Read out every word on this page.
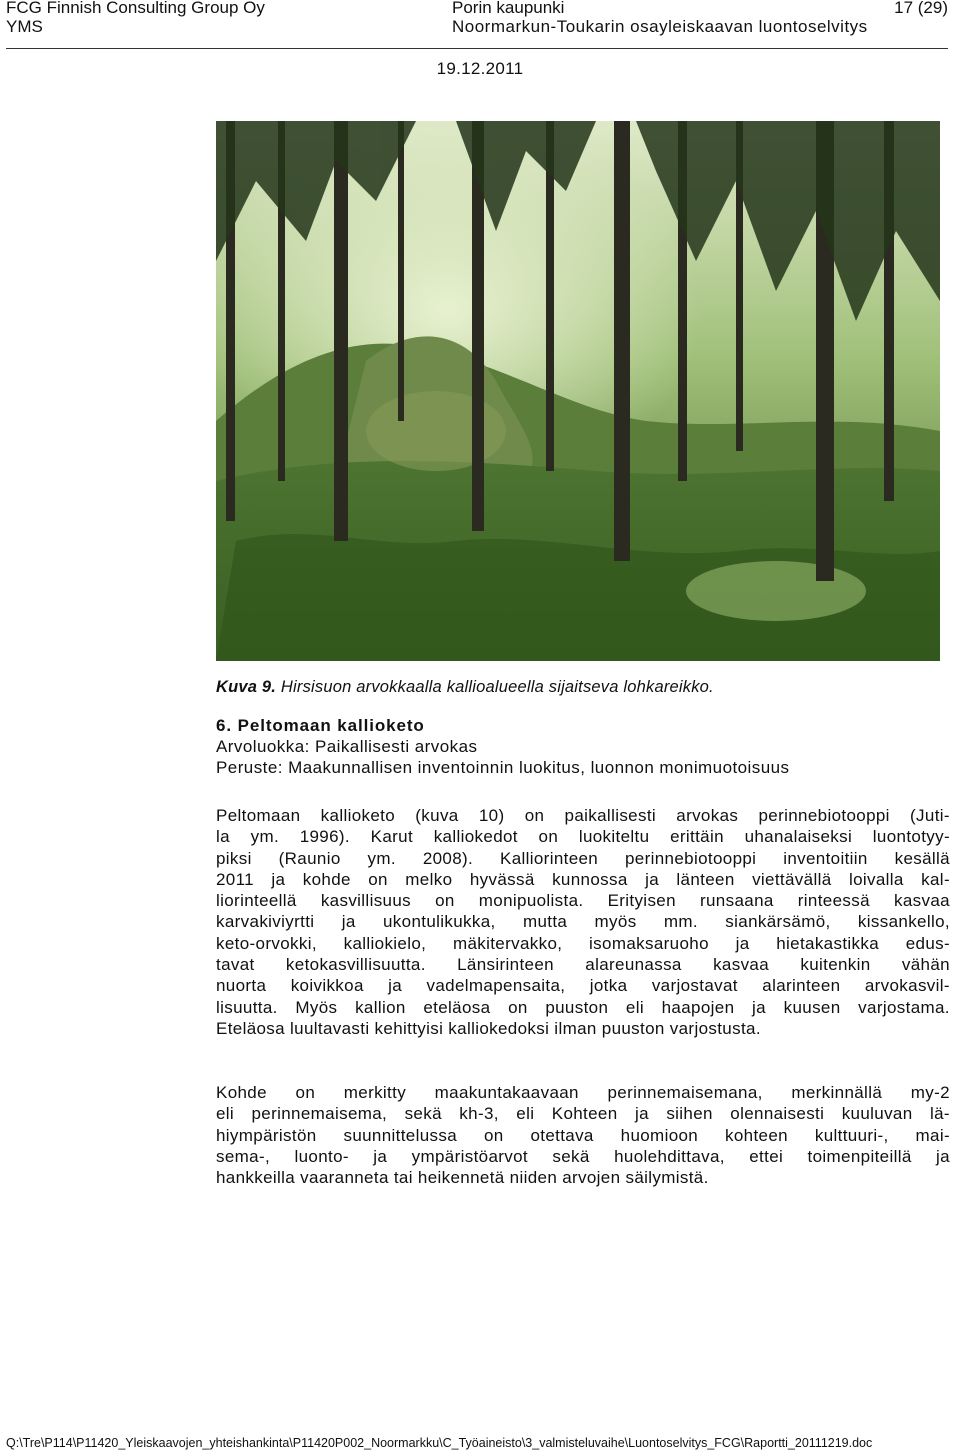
FCG Finnish Consulting Group Oy
YMS
Porin kaupunki
Noormarkun-Toukarin osayleiskaavan luontoselvitys
17 (29)
19.12.2011
Kuva 9. Hirsisuon arvokkaalla kallioalueella sijaitseva lohkareikko.
6. Peltomaan kallioketo
Arvoluokka: Paikallisesti arvokas
Peruste: Maakunnallisen inventoinnin luokitus, luonnon monimuotoisuus
Peltomaan kallioketo (kuva 10) on paikallisesti arvokas perinnebiotooppi (Juti-
la ym. 1996). Karut kalliokedot on luokiteltu erittäin uhanalaiseksi luontotyy-
piksi (Raunio ym. 2008). Kalliorinteen perinnebiotooppi inventoitiin kesällä
2011 ja kohde on melko hyvässä kunnossa ja länteen viettävällä loivalla kal-
liorinteellä kasvillisuus on monipuolista. Erityisen runsaana rinteessä kasvaa
karvakiviyrtti ja ukontulikukka, mutta myös mm. siankärsämö, kissankello,
keto-orvokki, kalliokielo, mäkitervakko, isomaksaruoho ja hietakastikka edus-
tavat ketokasvillisuutta. Länsirinteen alareunassa kasvaa kuitenkin vähän
nuorta koivikkoa ja vadelmapensaita, jotka varjostavat alarinteen arvokasvil-
lisuutta. Myös kallion eteläosa on puuston eli haapojen ja kuusen varjostama.
Eteläosa luultavasti kehittyisi kalliokedoksi ilman puuston varjostusta.
Kohde on merkitty maakuntakaavaan perinnemaisemana, merkinnällä my-2
eli perinnemaisema, sekä kh-3, eli Kohteen ja siihen olennaisesti kuuluvan lä-
hiympäristön suunnittelussa on otettava huomioon kohteen kulttuuri-, mai-
sema-, luonto- ja ympäristöarvot sekä huolehdittava, ettei toimenpiteillä ja
hankkeilla vaaranneta tai heikennetä niiden arvojen säilymistä.
Q:\Tre\P114\P11420_Yleiskaavojen_yhteishankinta\P11420P002_Noormarkku\C_Työaineisto\3_valmisteluvaihe\Luontoselvitys_FCG\Raportti_20111219.doc
